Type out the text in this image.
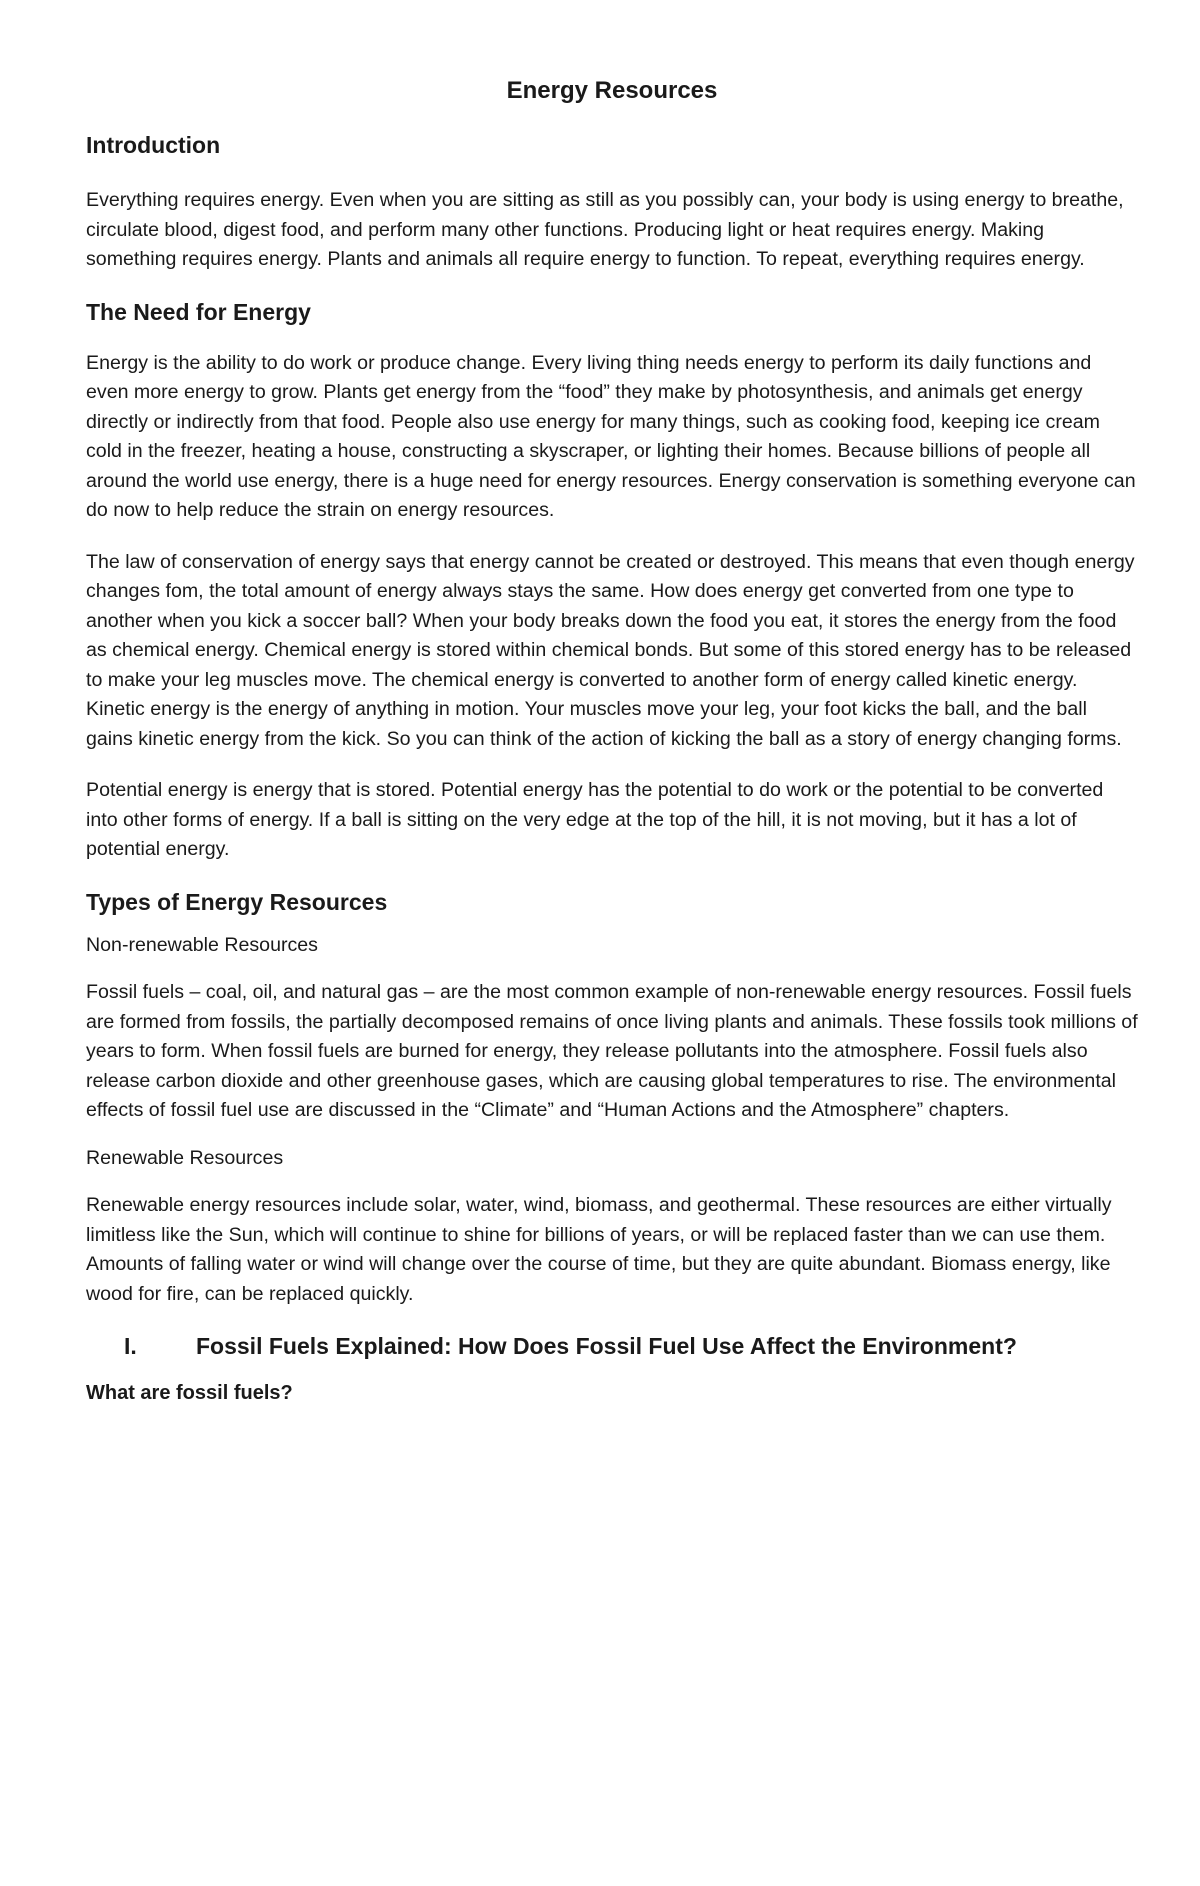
Energy Resources
Introduction

Everything requires energy. Even when you are sitting as still as you possibly can, your body is using energy to breathe, circulate blood, digest food, and perform many other functions. Producing light or heat requires energy. Making something requires energy. Plants and animals all require energy to function. To repeat, everything requires energy.

The Need for Energy

Energy is the ability to do work or produce change. Every living thing needs energy to perform its daily functions and even more energy to grow. Plants get energy from the “food” they make by photosynthesis, and animals get energy directly or indirectly from that food. People also use energy for many things, such as cooking food, keeping ice cream cold in the freezer, heating a house, constructing a skyscraper, or lighting their homes. Because billions of people all around the world use energy, there is a huge need for energy resources. Energy conservation is something everyone can do now to help reduce the strain on energy resources.

The law of conservation of energy says that energy cannot be created or destroyed. This means that even though energy changes fom, the total amount of energy always stays the same. How does energy get converted from one type to another when you kick a soccer ball? When your body breaks down the food you eat, it stores the energy from the food as chemical energy. Chemical energy is stored within chemical bonds. But some of this stored energy has to be released to make your leg muscles move. The chemical energy is converted to another form of energy called kinetic energy. Kinetic energy is the energy of anything in motion. Your muscles move your leg, your foot kicks the ball, and the ball gains kinetic energy from the kick. So you can think of the action of kicking the ball as a story of energy changing forms.

Potential energy is energy that is stored. Potential energy has the potential to do work or the potential to be converted into other forms of energy. If a ball is sitting on the very edge at the top of the hill, it is not moving, but it has a lot of potential energy.

Types of Energy Resources
Non-renewable Resources

Fossil fuels – coal, oil, and natural gas – are the most common example of non-renewable energy resources. Fossil fuels are formed from fossils, the partially decomposed remains of once living plants and animals. These fossils took millions of years to form. When fossil fuels are burned for energy, they release pollutants into the atmosphere. Fossil fuels also release carbon dioxide and other greenhouse gases, which are causing global temperatures to rise. The environmental effects of fossil fuel use are discussed in the “Climate” and “Human Actions and the Atmosphere” chapters.

Renewable Resources

Renewable energy resources include solar, water, wind, biomass, and geothermal. These resources are either virtually limitless like the Sun, which will continue to shine for billions of years, or will be replaced faster than we can use them. Amounts of falling water or wind will change over the course of time, but they are quite abundant. Biomass energy, like wood for fire, can be replaced quickly.

I.	Fossil Fuels Explained: How Does Fossil Fuel Use Affect the Environment?
What are fossil fuels?
